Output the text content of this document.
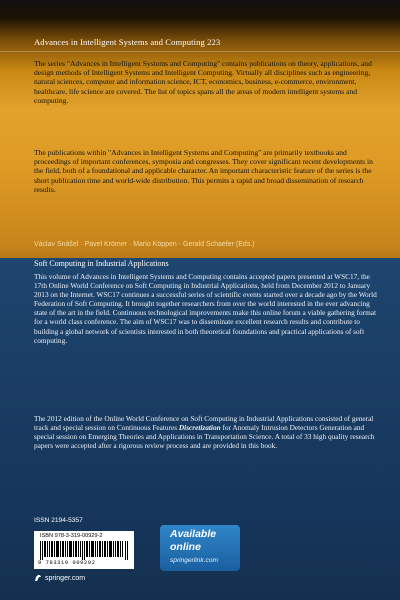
Advances in Intelligent Systems and Computing 223
The series "Advances in Intelligent Systems and Computing" contains publications on theory, applications, and design methods of Intelligent Systems and Intelligent Computing. Virtually all disciplines such as engineering, natural sciences, computer and information science, ICT, economics, business, e-commerce, environment, healthcare, life science are covered. The list of topics spans all the areas of modern intelligent systems and computing.
The publications within "Advances in Intelligent Systems and Computing" are primarily textbooks and proceedings of important conferences, symposia and congresses. They cover significant recent developments in the field, both of a foundational and applicable character. An important characteristic feature of the series is the short publication time and world-wide distribution. This permits a rapid and broad dissemination of research results.
Václav Snášel · Pavel Krömer · Mario Köppen · Gerald Schaefer (Eds.)
Soft Computing in Industrial Applications
This volume of Advances in Intelligent Systems and Computing contains accepted papers presented at WSC17, the 17th Online World Conference on Soft Computing in Industrial Applications, held from December 2012 to January 2013 on the Internet. WSC17 continues a successful series of scientific events started over a decade ago by the World Federation of Soft Computing. It brought together researchers from over the world interested in the ever advancing state of the art in the field. Continuous technological improvements make this online forum a viable gathering format for a world class conference. The aim of WSC17 was to disseminate excellent research results and contribute to building a global network of scientists interested in both theoretical foundations and practical applications of soft computing.
The 2012 edition of the Online World Conference on Soft Computing in Industrial Applications consisted of general track and special session on Continuous Features Discretization for Anomaly Intrusion Detectors Generation and special session on Emerging Theories and Applications in Transportation Science. A total of 33 high quality research papers were accepted after a rigorous review process and are provided in this book.
ISSN 2194-5357
ISBN 978-3-319-00929-2
9 783319 009292
Available
online
springerlink.com
springer.com
